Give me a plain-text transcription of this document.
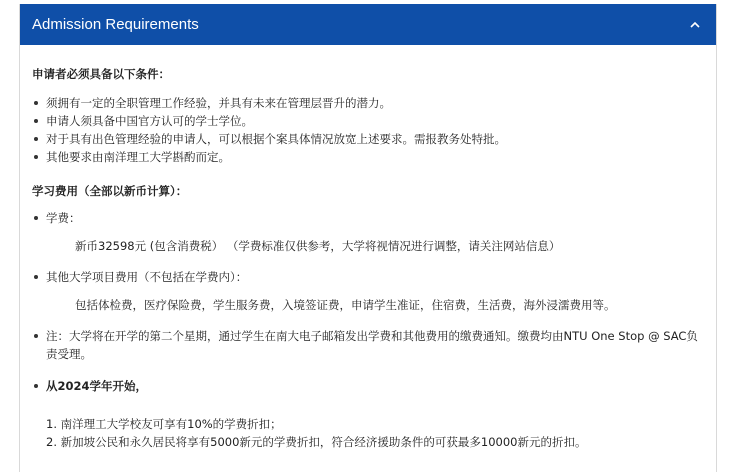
Admission Requirements

申请者必须具备以下条件：

须拥有一定的全职管理工作经验，并具有未来在管理层晋升的潜力。
申请人须具备中国官方认可的学士学位。
对于具有出色管理经验的申请人，可以根据个案具体情况放宽上述要求。需报教务处特批。
其他要求由南洋理工大学斟酌而定。

学习费用（全部以新币计算）：

学费：
新币32598元 (包含消费税） （学费标准仅供参考，大学将视情况进行调整，请关注网站信息）
其他大学项目费用（不包括在学费内）：
包括体检费，医疗保险费，学生服务费，入境签证费，申请学生准证，住宿费，生活费，海外浸濡费用等。
注：大学将在开学的第二个星期，通过学生在南大电子邮箱发出学费和其他费用的缴费通知。缴费均由NTU One Stop @ SAC负责受理。
从2024学年开始，
1. 南洋理工大学校友可享有10%的学费折扣；
2. 新加坡公民和永久居民将享有5000新元的学费折扣，符合经济援助条件的可获最多10000新元的折扣。
